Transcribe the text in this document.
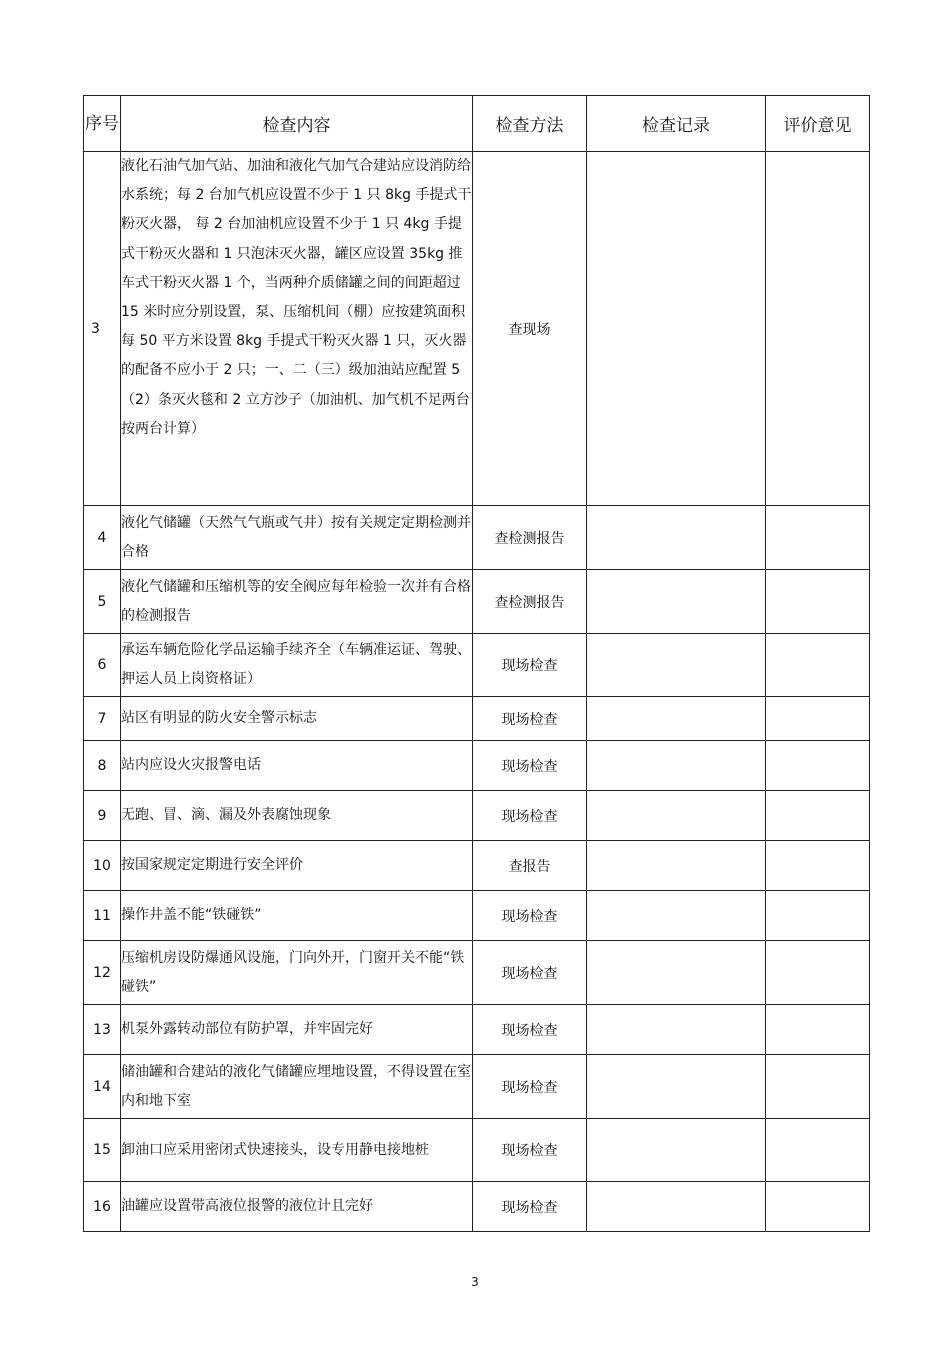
序号	检查内容	检查方法	检查记录	评价意见
3	液化石油气加气站、加油和液化气加气合建站应设消防给水系统；每 2 台加气机应设置不少于 1 只 8kg 手提式干粉灭火器， 每 2 台加油机应设置不少于 1 只 4kg 手提式干粉灭火器和 1 只泡沫灭火器，罐区应设置 35kg 推车式干粉灭火器 1 个，当两种介质储罐之间的间距超过 15 米时应分别设置，泵、压缩机间（棚）应按建筑面积每 50 平方米设置 8kg 手提式干粉灭火器 1 只，灭火器的配备不应小于 2 只；一、二（三）级加油站应配置 5（2）条灭火毯和 2 立方沙子（加油机、加气机不足两台按两台计算）	查现场		
4	液化气储罐（天然气气瓶或气井）按有关规定定期检测并合格	查检测报告		
5	液化气储罐和压缩机等的安全阀应每年检验一次并有合格的检测报告	查检测报告		
6	承运车辆危险化学品运输手续齐全（车辆准运证、驾驶、押运人员上岗资格证）	现场检查		
7	站区有明显的防火安全警示标志	现场检查		
8	站内应设火灾报警电话	现场检查		
9	无跑、冒、滴、漏及外表腐蚀现象	现场检查		
10	按国家规定定期进行安全评价	查报告		
11	操作井盖不能“铁碰铁”	现场检查		
12	压缩机房设防爆通风设施，门向外开，门窗开关不能“铁碰铁”	现场检查		
13	机泵外露转动部位有防护罩，并牢固完好	现场检查		
14	储油罐和合建站的液化气储罐应埋地设置，不得设置在室内和地下室	现场检查		
15	卸油口应采用密闭式快速接头，设专用静电接地桩	现场检查		
16	油罐应设置带高液位报警的液位计且完好	现场检查		
3
